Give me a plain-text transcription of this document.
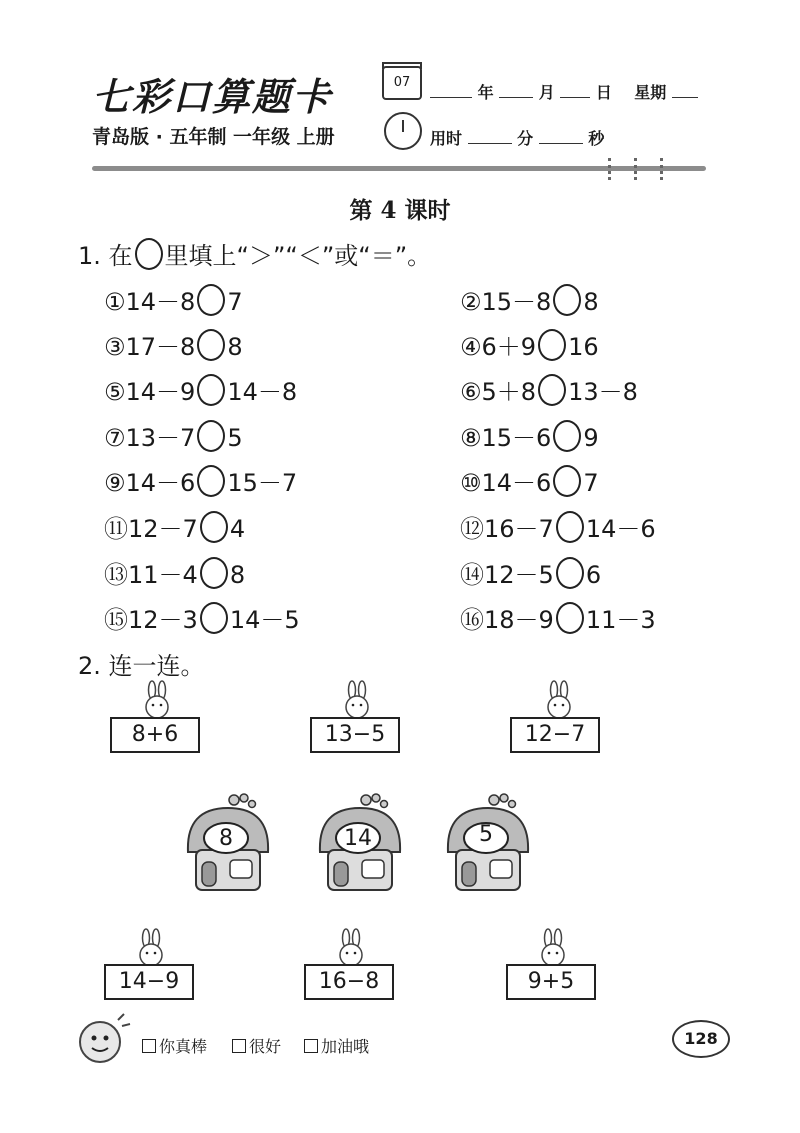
七彩口算题卡	07
年	月	日 星期
青岛版 · 五年制 一年级 上册	用时	分	秒
第 4 课时
1. 在 里填上“＞”“＜”或“＝”。
①14－8 7	②15－8 8
③17－8 8	④6＋9 16
⑤14－9 14－8	⑥5＋8 13－8
⑦13－7 5	⑧15－6 9
⑨14－6 15－7	⑩14－6 7
⑪12－7 4	⑫16－7 14－6
⑬11－4 8	⑭12－5 6
⑮12－3 14－5	⑯18－9 11－3
2. 连一连。
8+6	13−5	12−7
8	14	5
14−9	16−8	9+5
你真棒	很好	加油哦	128
